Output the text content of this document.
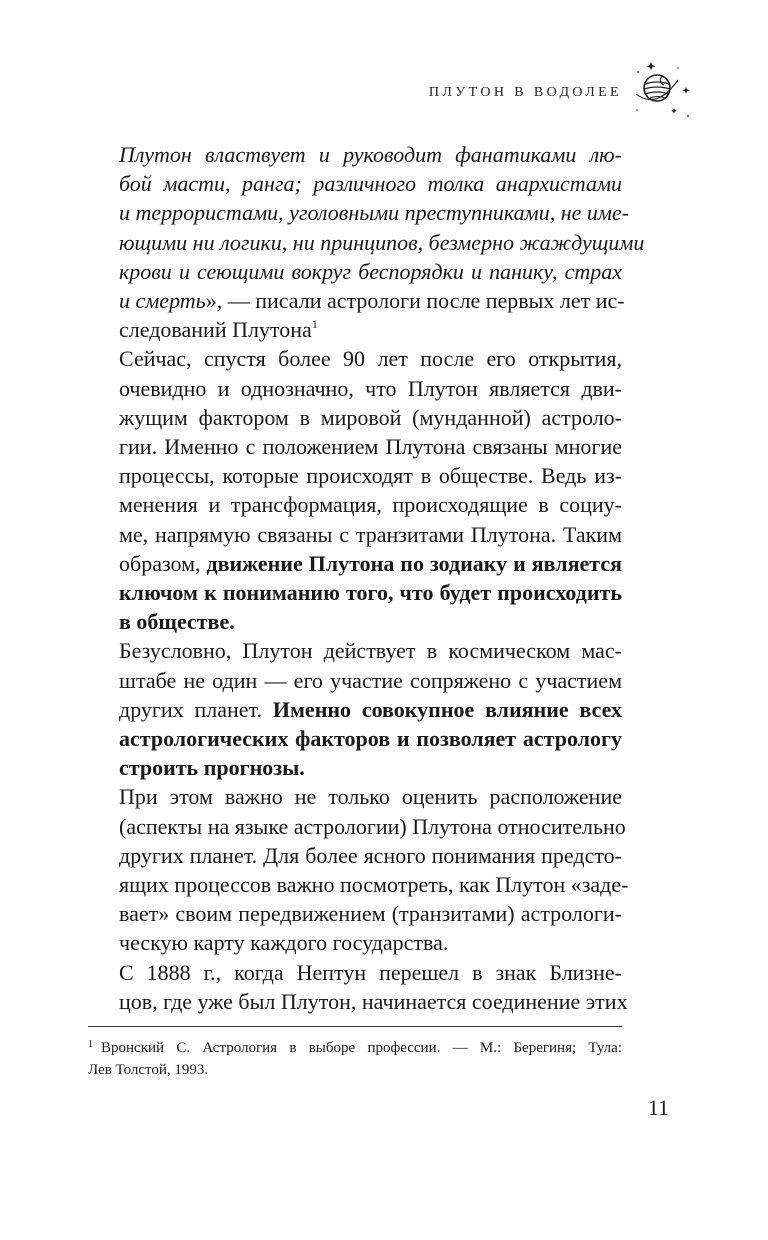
ПЛУТОН В ВОДОЛЕЕ

Плутон властвует и руководит фанатиками лю-
бой масти, ранга; различного толка анархистами
и террористами, уголовными преступниками, не име-
ющими ни логики, ни принципов, безмерно жаждущими
крови и сеющими вокруг беспорядки и панику, страх
и смерть», — писали астрологи после первых лет ис-
следований Плутона$^1$

Сейчас, спустя более 90 лет после его открытия,
очевидно и однозначно, что Плутон является дви-
жущим фактором в мировой (мунданной) астроло-
гии. Именно с положением Плутона связаны многие
процессы, которые происходят в обществе. Ведь из-
менения и трансформация, происходящие в социу-
ме, напрямую связаны с транзитами Плутона. Таким
образом, движение Плутона по зодиаку и является
ключом к пониманию того, что будет происходить
в обществе.

Безусловно, Плутон действует в космическом мас-
штабе не один — его участие сопряжено с участием
других планет. Именно совокупное влияние всех
астрологических факторов и позволяет астрологу
строить прогнозы.

При этом важно не только оценить расположение
(аспекты на языке астрологии) Плутона относительно
других планет. Для более ясного понимания предсто-
ящих процессов важно посмотреть, как Плутон «заде-
вает» своим передвижением (транзитами) астрологи-
ческую карту каждого государства.

С 1888 г., когда Нептун перешел в знак Близне-
цов, где уже был Плутон, начинается соединение этих

$^1$ Вронский С. Астрология в выборе профессии. — М.: Берегиня; Тула:
Лев Толстой, 1993.
11
